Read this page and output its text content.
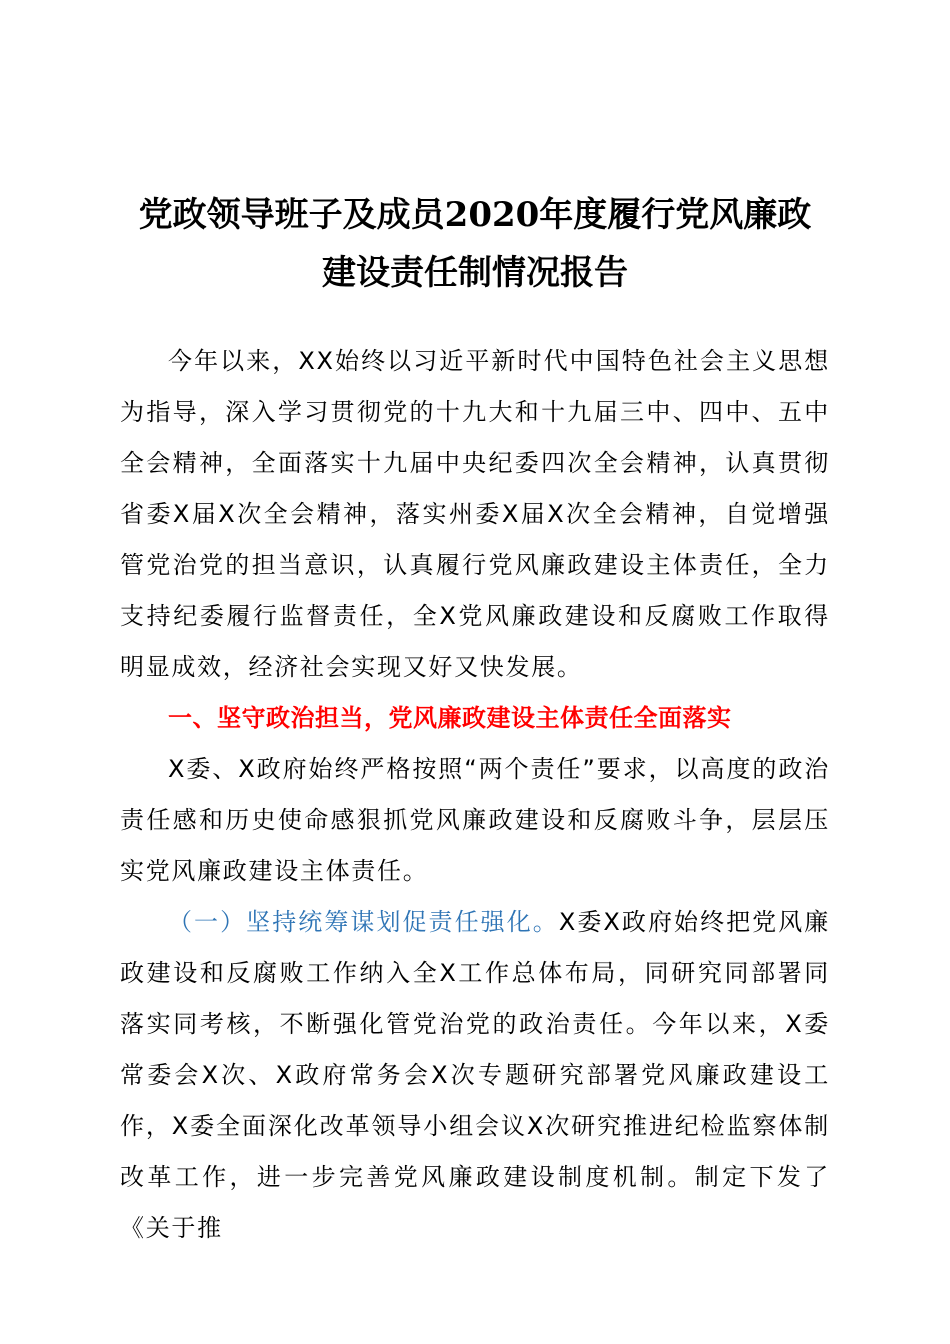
党政领导班子及成员2020年度履行党风廉政
建设责任制情况报告

今年以来，XX始终以习近平新时代中国特色社会主义思想为指导，深入学习贯彻党的十九大和十九届三中、四中、五中全会精神，全面落实十九届中央纪委四次全会精神，认真贯彻省委X届X次全会精神，落实州委X届X次全会精神，自觉增强管党治党的担当意识，认真履行党风廉政建设主体责任，全力支持纪委履行监督责任，全X党风廉政建设和反腐败工作取得明显成效，经济社会实现又好又快发展。

一、坚守政治担当，党风廉政建设主体责任全面落实

X委、X政府始终严格按照“两个责任”要求，以高度的政治责任感和历史使命感狠抓党风廉政建设和反腐败斗争，层层压实党风廉政建设主体责任。

（一）坚持统筹谋划促责任强化。X委X政府始终把党风廉政建设和反腐败工作纳入全X工作总体布局，同研究同部署同落实同考核，不断强化管党治党的政治责任。今年以来，X委常委会X次、X政府常务会X次专题研究部署党风廉政建设工作，X委全面深化改革领导小组会议X次研究推进纪检监察体制改革工作，进一步完善党风廉政建设制度机制。制定下发了《关于推
